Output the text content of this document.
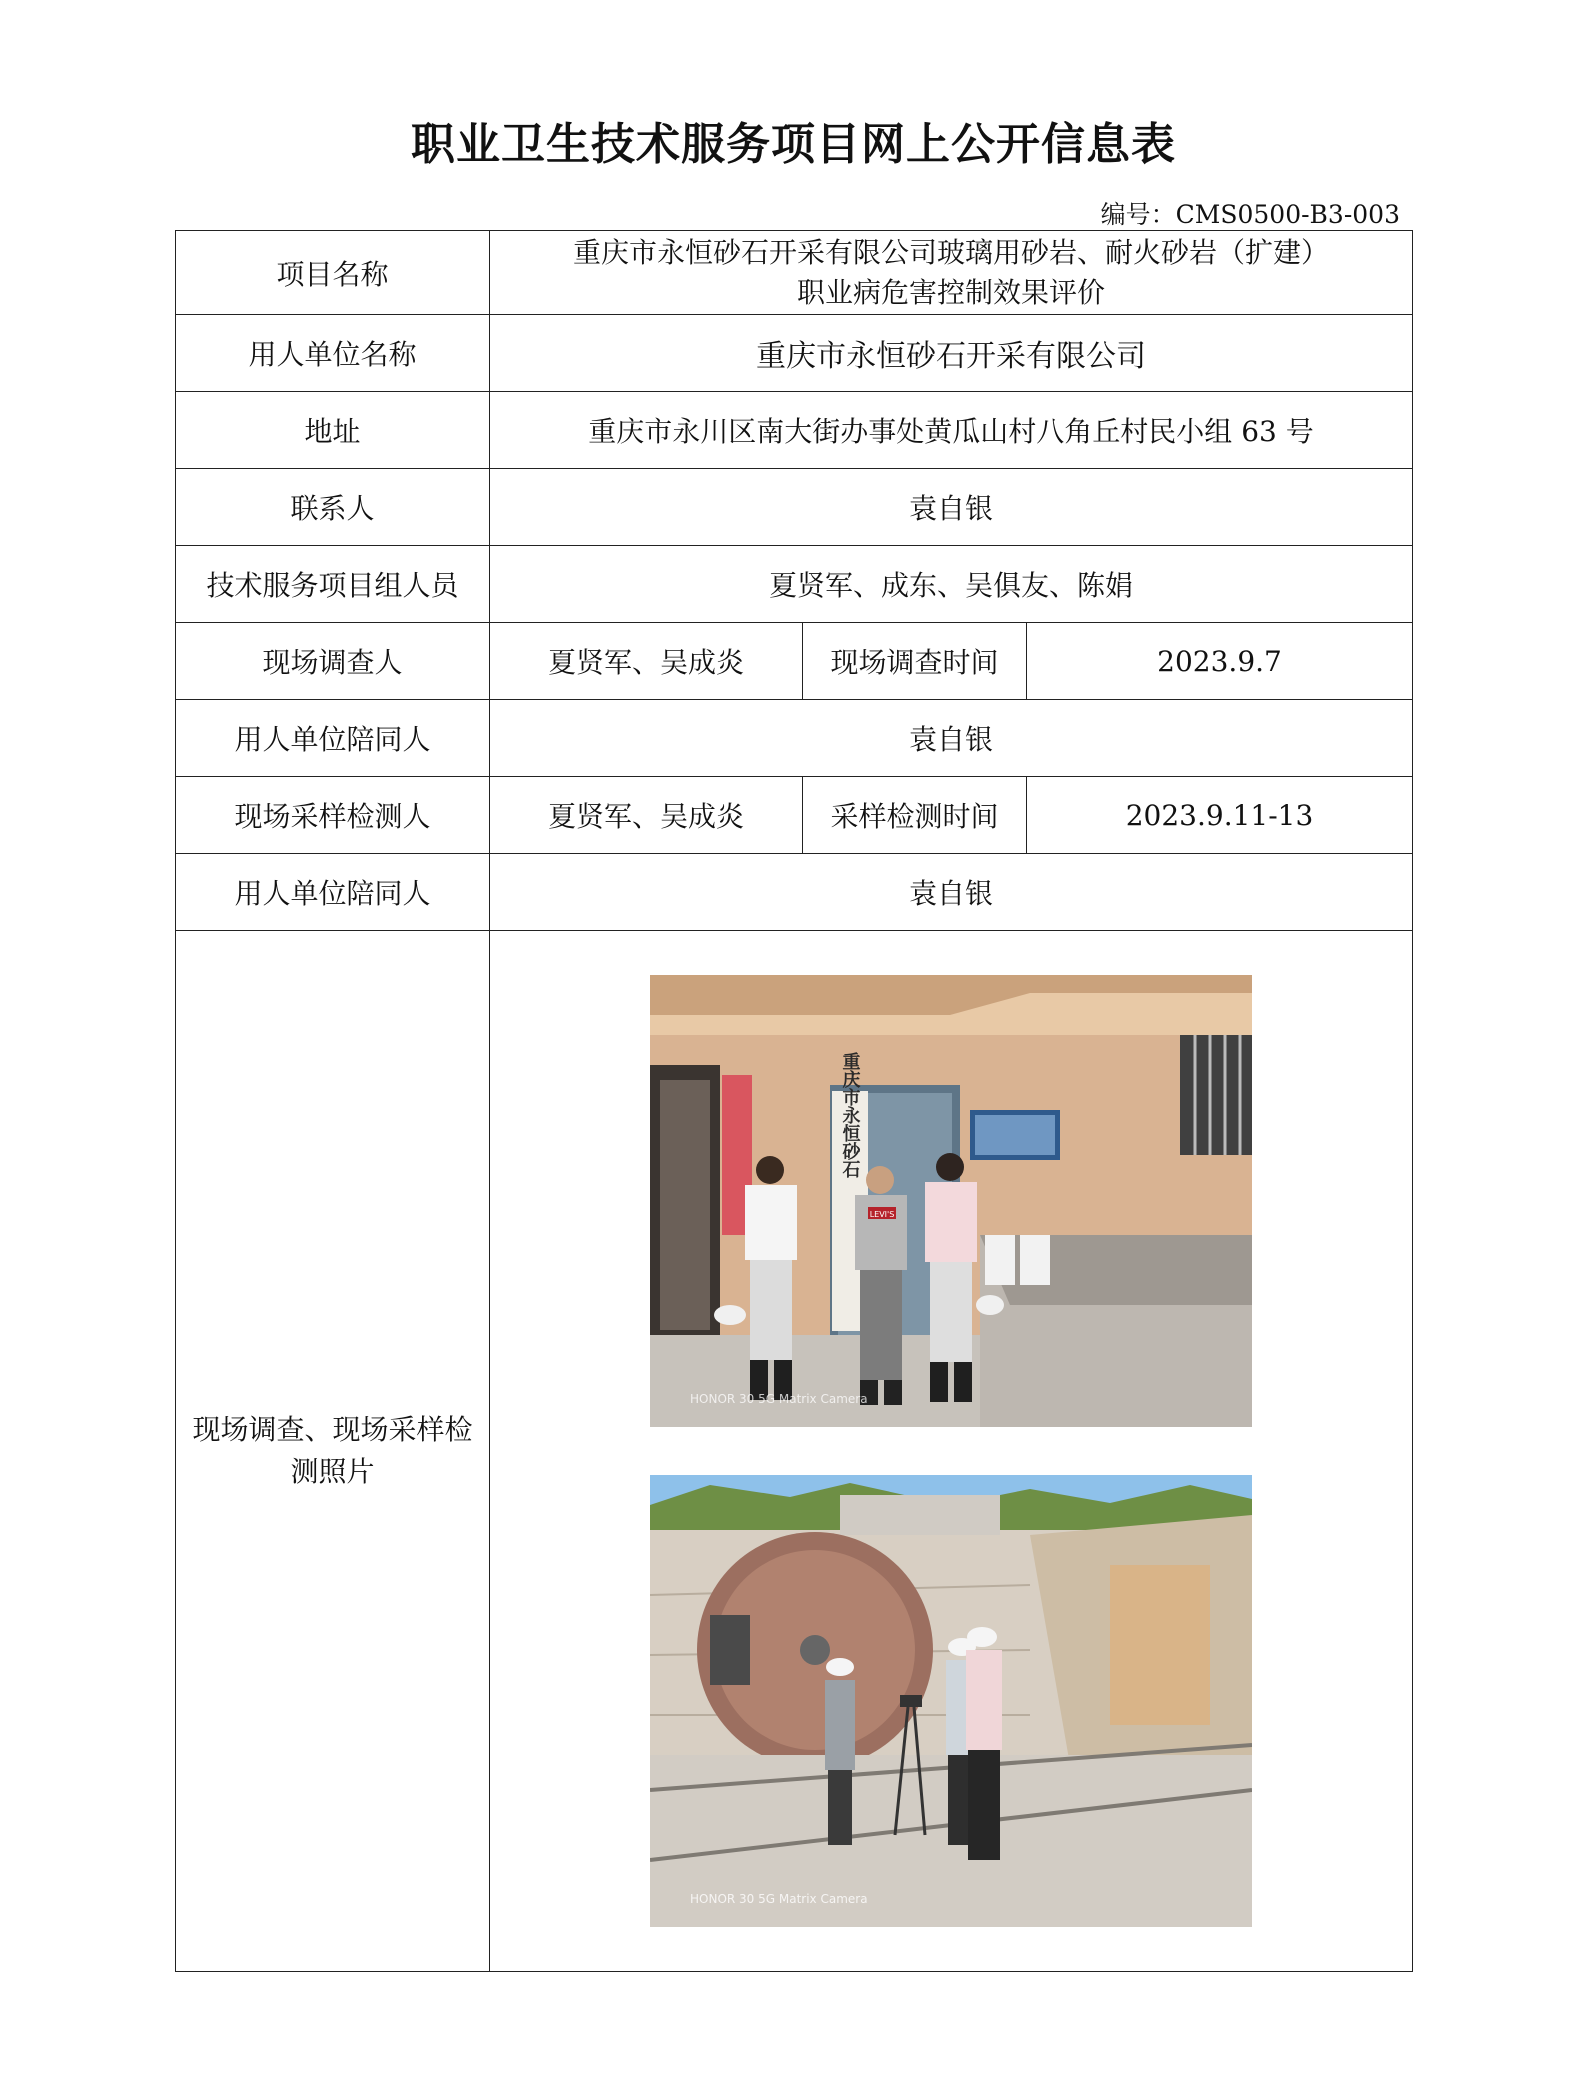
职业卫生技术服务项目网上公开信息表
编号：CMS0500-B3-003
项目名称	重庆市永恒砂石开采有限公司玻璃用砂岩、耐火砂岩（扩建）
职业病危害控制效果评价		

用人单位名称	重庆市永恒砂石开采有限公司		
地址	重庆市永川区南大街办事处黄瓜山村八角丘村民小组 63 号		
联系人	袁自银		
技术服务项目组人员	夏贤军、成东、吴俱友、陈娟		
现场调查人	夏贤军、吴成炎	现场调查时间	2023.9.7
用人单位陪同人	袁自银		
现场采样检测人	夏贤军、吴成炎	采样检测时间	2023.9.11-13
用人单位陪同人	袁自银		
现场调查、现场采样检测照片	重庆市永恒砂石
LEVI'S
HONOR 30 5G Matrix Camera
HONOR 30 5G Matrix Camera		
